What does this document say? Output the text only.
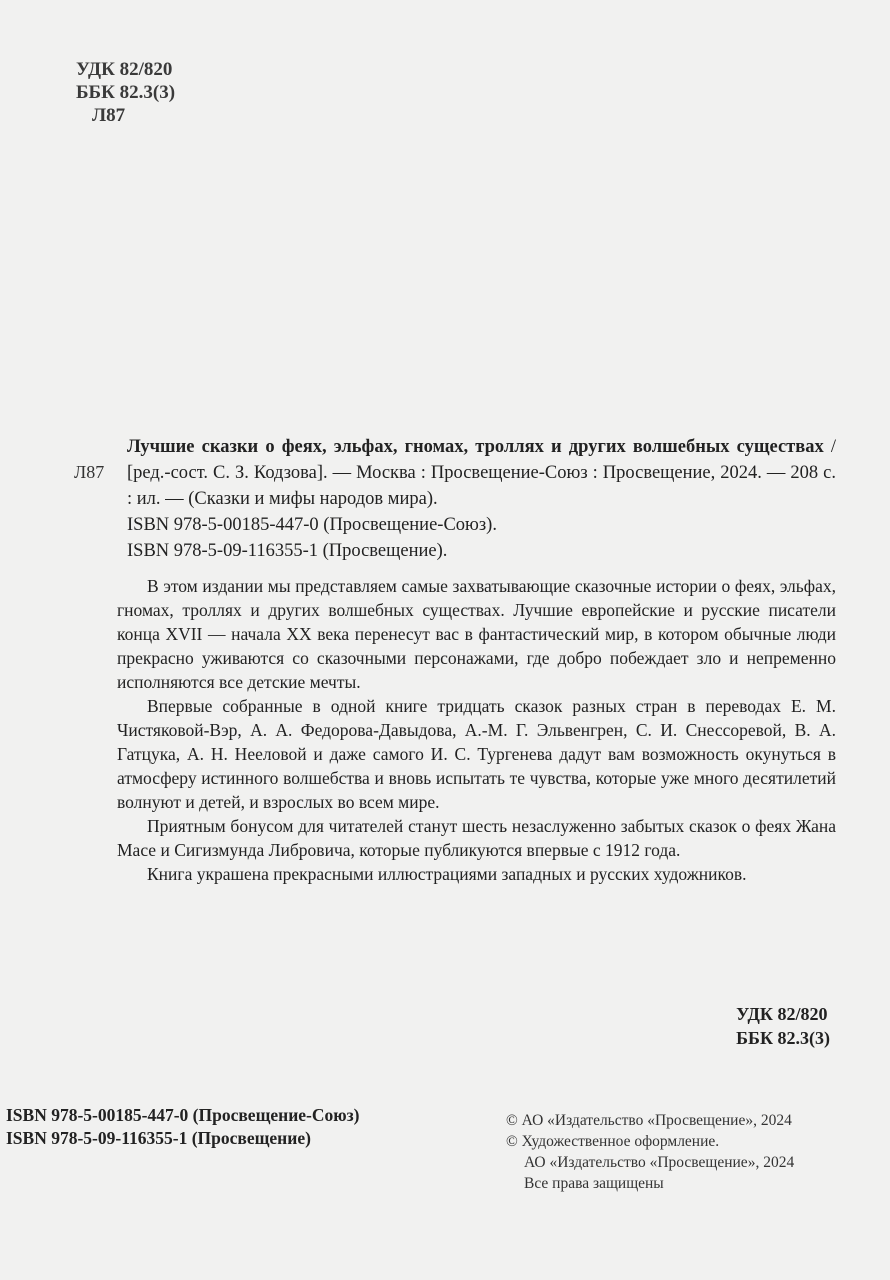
УДК 82/820
ББК 82.3(3)
Л87
Л87
Лучшие сказки о феях, эльфах, гномах, троллях и других волшебных существах / [ред.-сост. С. З. Кодзова]. — Москва : Просвещение-Союз : Просвещение, 2024. — 208 с. : ил. — (Сказки и мифы народов мира).
ISBN 978-5-00185-447-0 (Просвещение-Союз).
ISBN 978-5-09-116355-1 (Просвещение).

В этом издании мы представляем самые захватывающие сказочные истории о феях, эльфах, гномах, троллях и других волшебных существах. Лучшие европейские и русские писатели конца XVII — начала XX века перенесут вас в фантастический мир, в котором обычные люди прекрасно уживаются со сказочными персонажами, где добро побеждает зло и непременно исполняются все детские мечты.

Впервые собранные в одной книге тридцать сказок разных стран в переводах Е. М. Чистяковой-Вэр, А. А. Федорова-Давыдова, А.-М. Г. Эльвенгрен, С. И. Снессоревой, В. А. Гатцука, А. Н. Нееловой и даже самого И. С. Тургенева дадут вам возможность окунуться в атмосферу истинного волшебства и вновь испытать те чувства, которые уже много десятилетий волнуют и детей, и взрослых во всем мире.

Приятным бонусом для читателей станут шесть незаслуженно забытых сказок о феях Жана Масе и Сигизмунда Либровича, которые публикуются впервые с 1912 года.

Книга украшена прекрасными иллюстрациями западных и русских художников.

УДК 82/820
ББК 82.3(3)
ISBN 978-5-00185-447-0 (Просвещение-Союз)
ISBN 978-5-09-116355-1 (Просвещение)
© АО «Издательство «Просвещение», 2024
© Художественное оформление.
АО «Издательство «Просвещение», 2024
Все права защищены
